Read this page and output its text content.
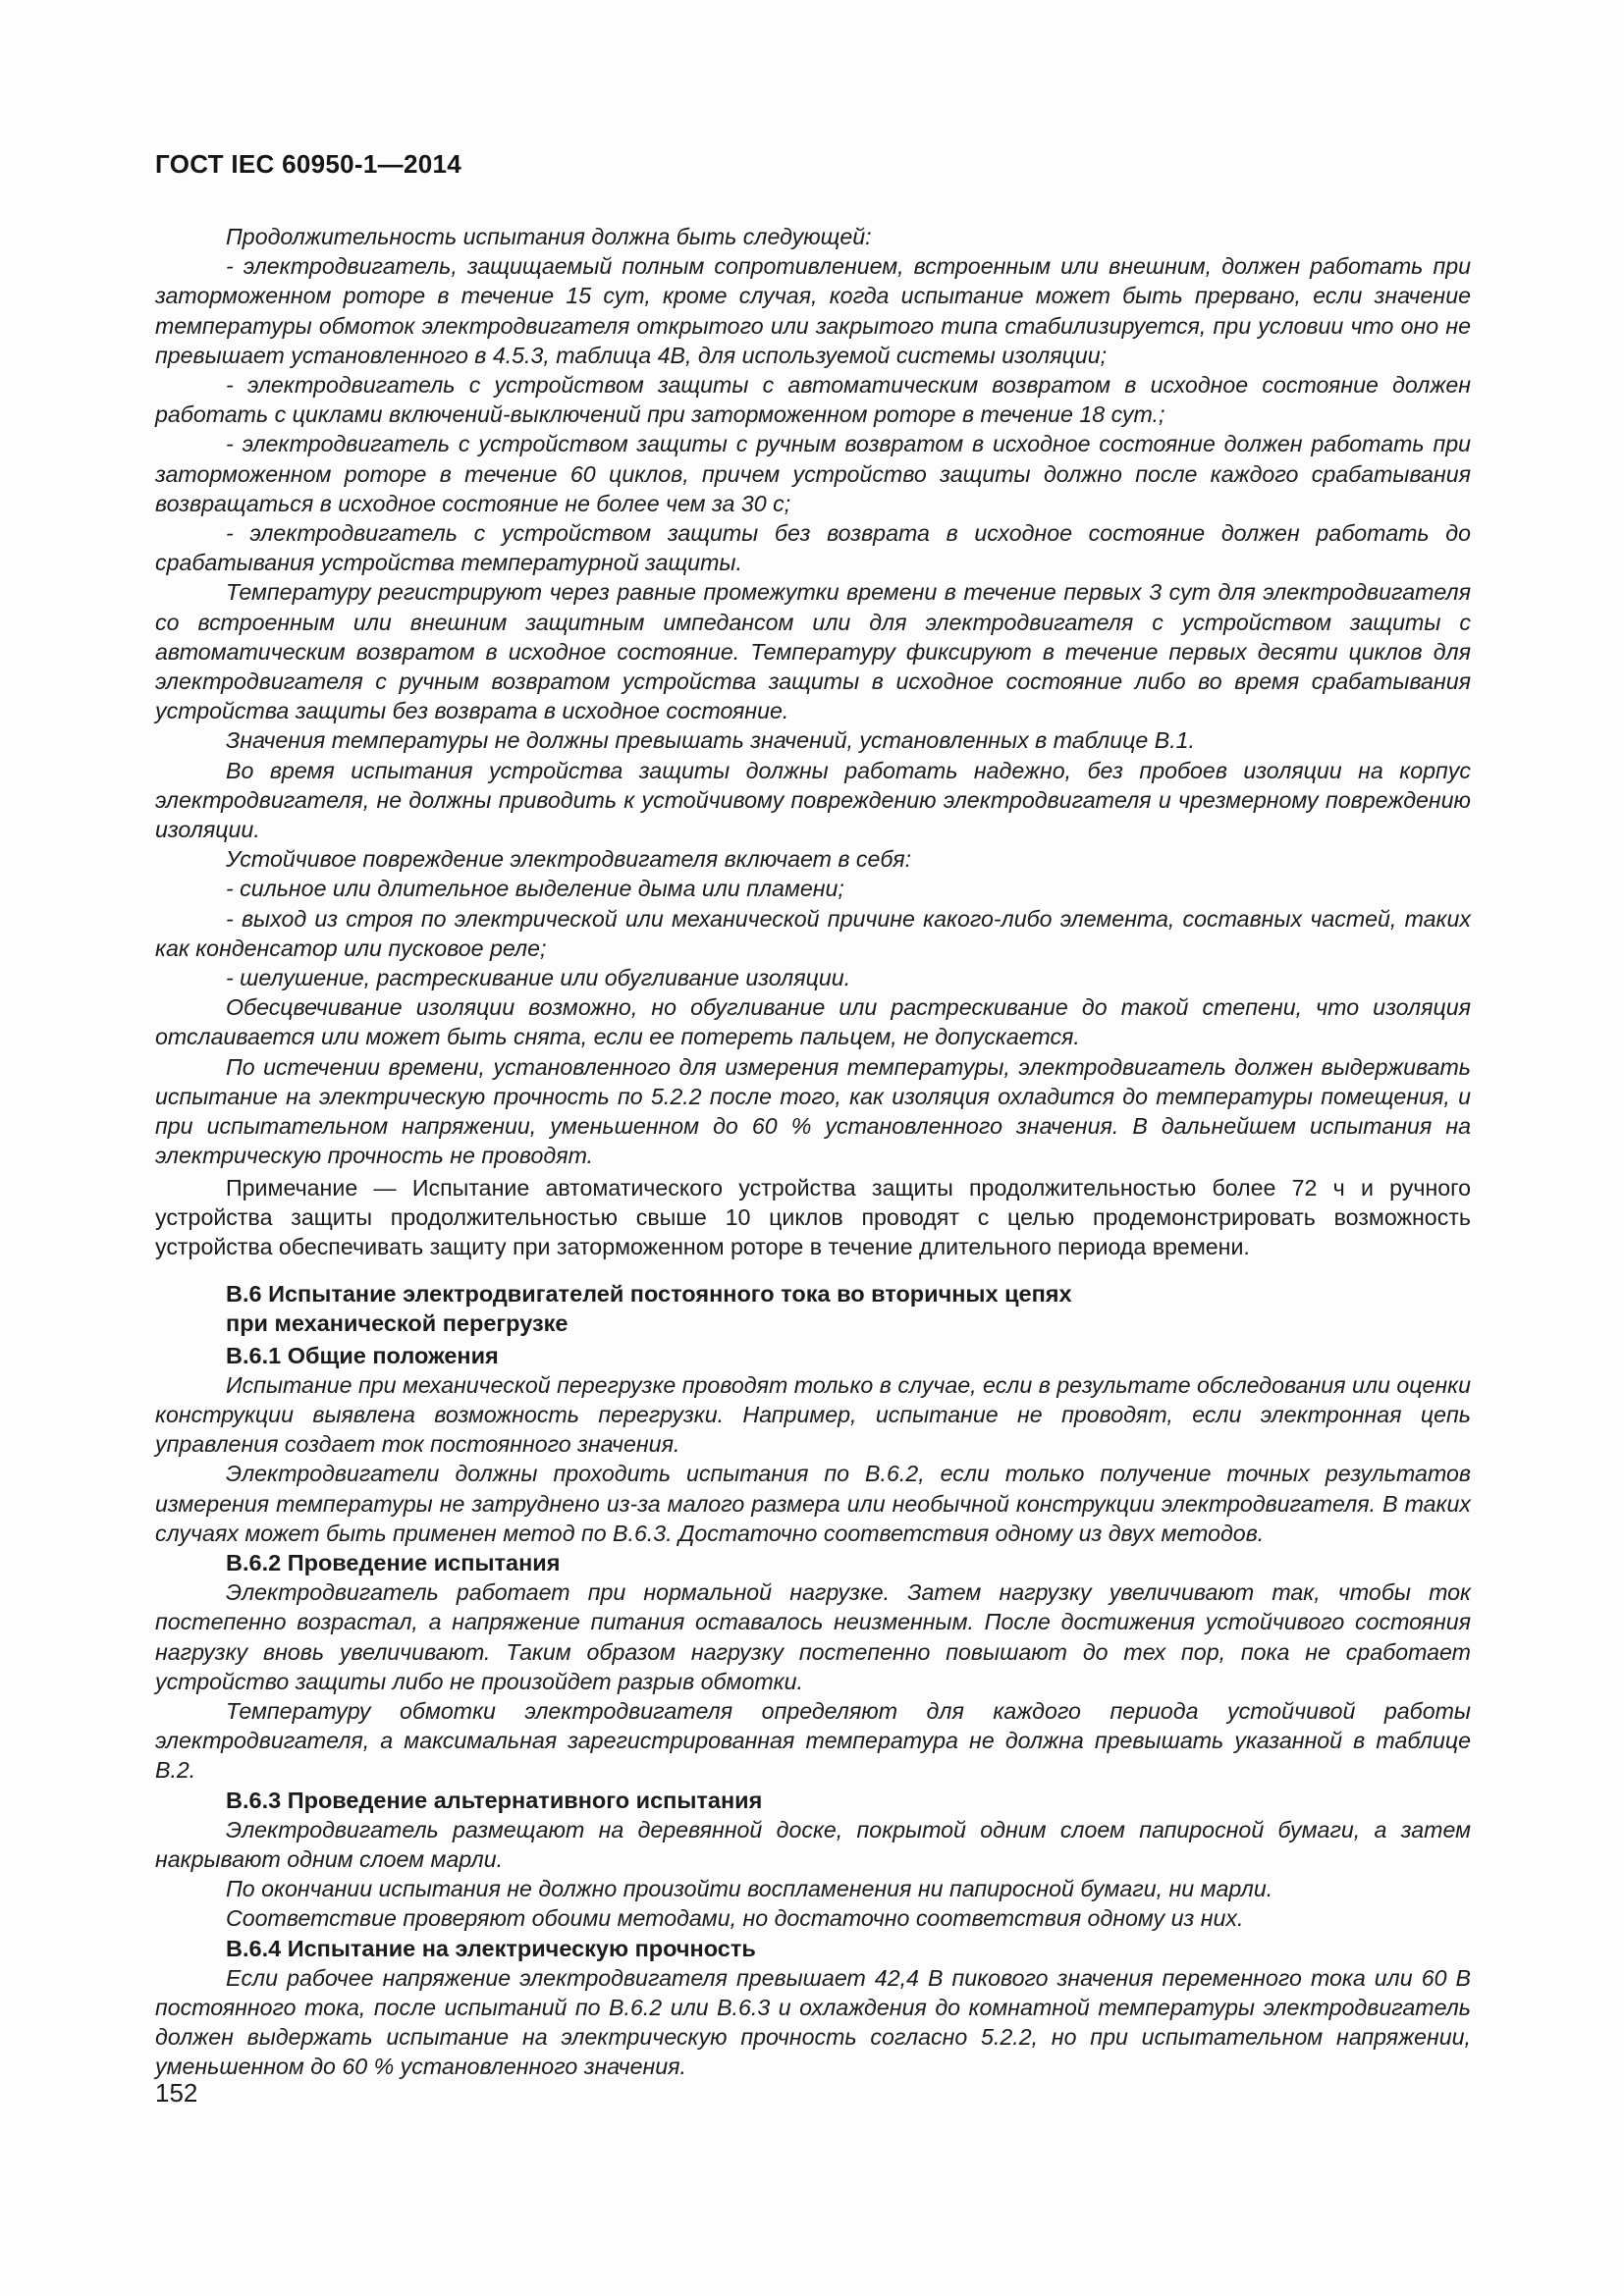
ГОСТ IEC 60950-1—2014

Продолжительность испытания должна быть следующей:

- электродвигатель, защищаемый полным сопротивлением, встроенным или внешним, должен работать при заторможенном роторе в течение 15 сут, кроме случая, когда испытание может быть прервано, если значение температуры обмоток электродвигателя открытого или закрытого типа стабилизируется, при условии что оно не превышает установленного в 4.5.3, таблица 4В, для используемой системы изоляции;

- электродвигатель с устройством защиты с автоматическим возвратом в исходное состояние должен работать с циклами включений-выключений при заторможенном роторе в течение 18 сут.;

- электродвигатель с устройством защиты с ручным возвратом в исходное состояние должен работать при заторможенном роторе в течение 60 циклов, причем устройство защиты должно после каждого срабатывания возвращаться в исходное состояние не более чем за 30 с;

- электродвигатель с устройством защиты без возврата в исходное состояние должен работать до срабатывания устройства температурной защиты.

Температуру регистрируют через равные промежутки времени в течение первых 3 сут для электродвигателя со встроенным или внешним защитным импедансом или для электродвигателя с устройством защиты с автоматическим возвратом в исходное состояние. Температуру фиксируют в течение первых десяти циклов для электродвигателя с ручным возвратом устройства защиты в исходное состояние либо во время срабатывания устройства защиты без возврата в исходное состояние.

Значения температуры не должны превышать значений, установленных в таблице В.1.

Во время испытания устройства защиты должны работать надежно, без пробоев изоляции на корпус электродвигателя, не должны приводить к устойчивому повреждению электродвигателя и чрезмерному повреждению изоляции.

Устойчивое повреждение электродвигателя включает в себя:

- сильное или длительное выделение дыма или пламени;

- выход из строя по электрической или механической причине какого-либо элемента, составных частей, таких как конденсатор или пусковое реле;

- шелушение, растрескивание или обугливание изоляции.

Обесцвечивание изоляции возможно, но обугливание или растрескивание до такой степени, что изоляция отслаивается или может быть снята, если ее потереть пальцем, не допускается.

По истечении времени, установленного для измерения температуры, электродвигатель должен выдерживать испытание на электрическую прочность по 5.2.2 после того, как изоляция охладится до температуры помещения, и при испытательном напряжении, уменьшенном до 60 % установленного значения. В дальнейшем испытания на электрическую прочность не проводят.

Примечание — Испытание автоматического устройства защиты продолжительностью более 72 ч и ручного устройства защиты продолжительностью свыше 10 циклов проводят с целью продемонстрировать возможность устройства обеспечивать защиту при заторможенном роторе в течение длительного периода времени.

В.6 Испытание электродвигателей постоянного тока во вторичных цепях
при механической перегрузке
В.6.1 Общие положения

Испытание при механической перегрузке проводят только в случае, если в результате обследования или оценки конструкции выявлена возможность перегрузки. Например, испытание не проводят, если электронная цепь управления создает ток постоянного значения.

Электродвигатели должны проходить испытания по В.6.2, если только получение точных результатов измерения температуры не затруднено из-за малого размера или необычной конструкции электродвигателя. В таких случаях может быть применен метод по В.6.3. Достаточно соответствия одному из двух методов.

В.6.2 Проведение испытания

Электродвигатель работает при нормальной нагрузке. Затем нагрузку увеличивают так, чтобы ток постепенно возрастал, а напряжение питания оставалось неизменным. После достижения устойчивого состояния нагрузку вновь увеличивают. Таким образом нагрузку постепенно повышают до тех пор, пока не сработает устройство защиты либо не произойдет разрыв обмотки.

Температуру обмотки электродвигателя определяют для каждого периода устойчивой работы электродвигателя, а максимальная зарегистрированная температура не должна превышать указанной в таблице В.2.

В.6.3 Проведение альтернативного испытания

Электродвигатель размещают на деревянной доске, покрытой одним слоем папиросной бумаги, а затем накрывают одним слоем марли.

По окончании испытания не должно произойти воспламенения ни папиросной бумаги, ни марли.

Соответствие проверяют обоими методами, но достаточно соответствия одному из них.

В.6.4 Испытание на электрическую прочность

Если рабочее напряжение электродвигателя превышает 42,4 В пикового значения переменного тока или 60 В постоянного тока, после испытаний по В.6.2 или В.6.3 и охлаждения до комнатной температуры электродвигатель должен выдержать испытание на электрическую прочность согласно 5.2.2, но при испытательном напряжении, уменьшенном до 60 % установленного значения.

152
